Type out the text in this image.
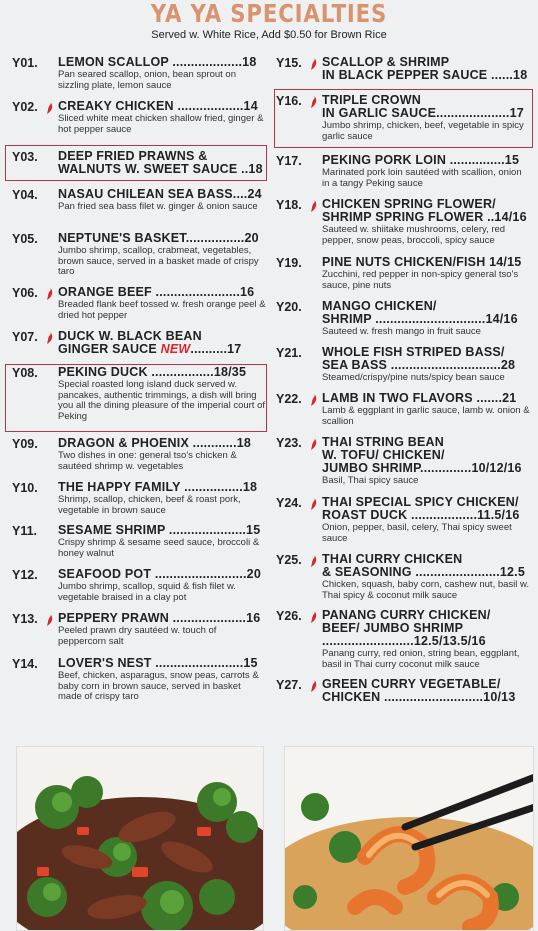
YA YA SPECIALTIES
Served w. White Rice, Add $0.50 for Brown Rice
Y01.	LEMON SCALLOP ...................18
Pan seared scallop, onion, bean sprout on sizzling plate, lemon sauce
Y02.	CREAKY CHICKEN ..................14
Sliced white meat chicken shallow fried, ginger & hot pepper sauce
Y03.	DEEP FRIED PRAWNS &
WALNUTS W. SWEET SAUCE ..18
Y04.	NASAU CHILEAN SEA BASS....24
Pan fried sea bass filet w. ginger & onion sauce
Y05.	NEPTUNE'S BASKET................20
Jumbo shrimp, scallop, crabmeat, vegetables, brown sauce, served in a basket made of crispy taro
Y06.	ORANGE BEEF .......................16
Breaded flank beef tossed w. fresh orange peel & dried hot pepper
Y07.	DUCK W. BLACK BEAN
GINGER SAUCE NEW..........17
Y08.	PEKING DUCK .................18/35
Special roasted long island duck served w. pancakes, authentic trimmings, a dish will bring you all the dining pleasure of the imperial court of Peking
Y09.	DRAGON & PHOENIX ............18
Two dishes in one: general tso's chicken & sautéed shrimp w. vegetables
Y10.	THE HAPPY FAMILY ................18
Shrimp, scallop, chicken, beef & roast pork, vegetable in brown sauce
Y11.	SESAME SHRIMP .....................15
Crispy shrimp & sesame seed sauce, broccoli & honey walnut
Y12.	SEAFOOD POT .........................20
Jumbo shrimp, scallop, squid & fish filet w. vegetable braised in a clay pot
Y13.	PEPPERY PRAWN ....................16
Peeled prawn dry sautéed w. touch of peppercorn salt
Y14.	LOVER'S NEST ........................15
Beef, chicken, asparagus, snow peas, carrots & baby corn in brown sauce, served in basket made of crispy taro
Y15.	SCALLOP & SHRIMP
IN BLACK PEPPER SAUCE ......18
Y16.	TRIPLE CROWN
IN GARLIC SAUCE....................17
Jumbo shrimp, chicken, beef, vegetable in spicy garlic sauce
Y17.	PEKING PORK LOIN ...............15
Marinated pork loin sautéed with scallion, onion in a tangy Peking sauce
Y18.	CHICKEN SPRING FLOWER/
SHRIMP SPRING FLOWER ..14/16
Sauteed w. shiitake mushrooms, celery, red pepper, snow peas, broccoli, spicy sauce
Y19.	PINE NUTS CHICKEN/FISH 14/15
Zucchini, red pepper in non-spicy general tso's sauce, pine nuts
Y20.	MANGO CHICKEN/
SHRIMP ..............................14/16
Sauteed w. fresh mango in fruit sauce
Y21.	WHOLE FISH STRIPED BASS/
SEA BASS ..............................28
Steamed/crispy/pine nuts/spicy bean sauce
Y22.	LAMB IN TWO FLAVORS .......21
Lamb & eggplant in garlic sauce, lamb w. onion & scallion
Y23.	THAI STRING BEAN
W. TOFU/ CHICKEN/
JUMBO SHRIMP..............10/12/16
Basil, Thai spicy sauce
Y24.	THAI SPECIAL SPICY CHICKEN/
ROAST DUCK ..................11.5/16
Onion, pepper, basil, celery, Thai spicy sweet sauce
Y25.	THAI CURRY CHICKEN
& SEASONING .......................12.5
Chicken, squash, baby corn, cashew nut, basil w. Thai spicy & coconut milk sauce
Y26.	PANANG CURRY CHICKEN/
BEEF/ JUMBO SHRIMP
.........................12.5/13.5/16
Panang curry, red onion, string bean, eggplant, basil in Thai curry coconut milk sauce
Y27.	GREEN CURRY VEGETABLE/
CHICKEN ...........................10/13
